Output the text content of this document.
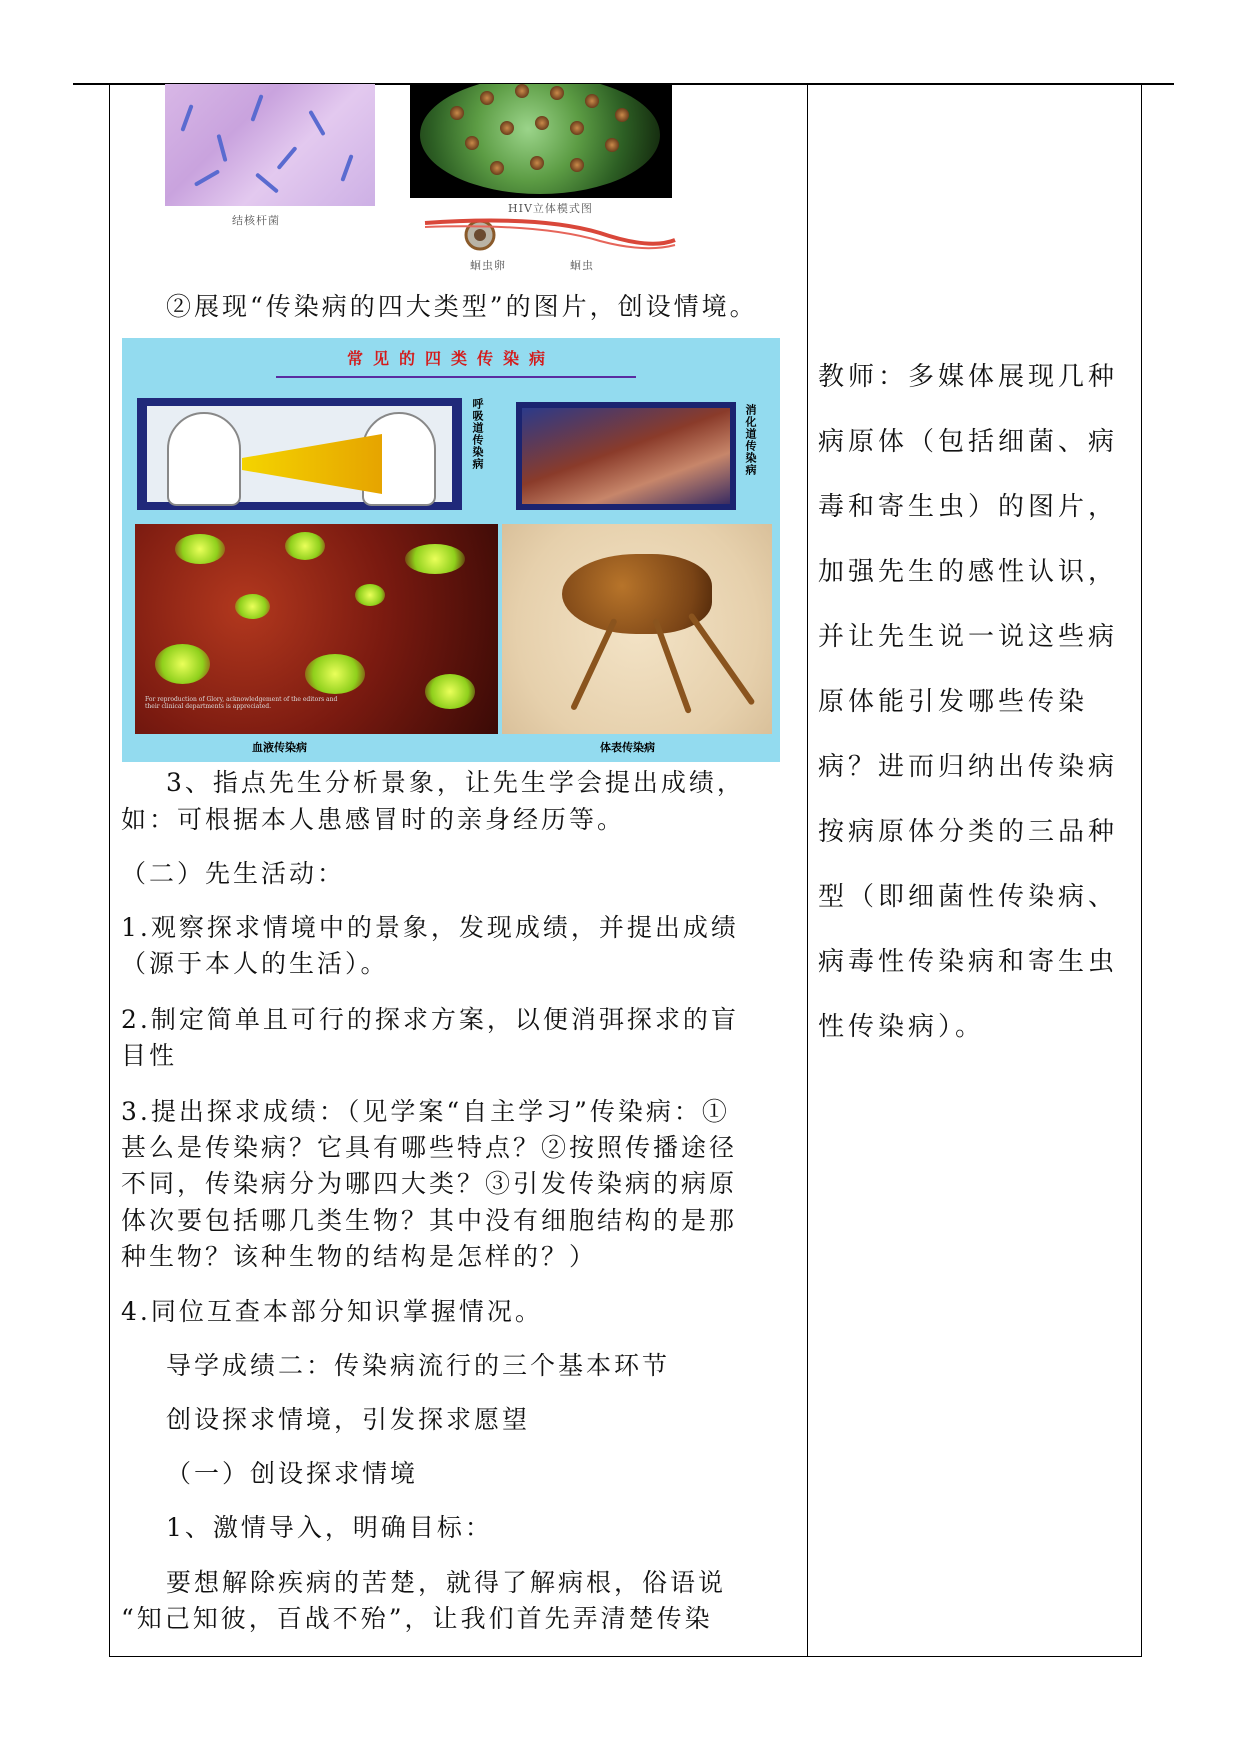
结核杆菌
HIV立体模式图
蛔虫卵	蛔虫
②展现“传染病的四大类型”的图片，创设情境。
常见的四类传染病
呼吸道传染病	消化道传染病
For reproduction of Glory, acknowledgement of the editors and their clinical departments is appreciated.
血液传染病	体表传染病
3、指点先生分析景象，让先生学会提出成绩，
如：可根据本人患感冒时的亲身经历等。
（二）先生活动：
1.观察探求情境中的景象，发现成绩，并提出成绩
（源于本人的生活）。
2.制定简单且可行的探求方案，以便消弭探求的盲
目性
3.提出探求成绩：（见学案“自主学习”传染病：①
甚么是传染病？它具有哪些特点？②按照传播途径
不同，传染病分为哪四大类？③引发传染病的病原
体次要包括哪几类生物？其中没有细胞结构的是那
种生物？该种生物的结构是怎样的？）
4.同位互查本部分知识掌握情况。
导学成绩二：传染病流行的三个基本环节
创设探求情境，引发探求愿望
（一）创设探求情境
1、激情导入，明确目标：
要想解除疾病的苦楚，就得了解病根，俗语说
“知己知彼，百战不殆”，让我们首先弄清楚传染
教师：多媒体展现几种
病原体（包括细菌、病
毒和寄生虫）的图片，
加强先生的感性认识，
并让先生说一说这些病
原体能引发哪些传染
病？进而归纳出传染病
按病原体分类的三品种
型（即细菌性传染病、
病毒性传染病和寄生虫
性传染病）。
